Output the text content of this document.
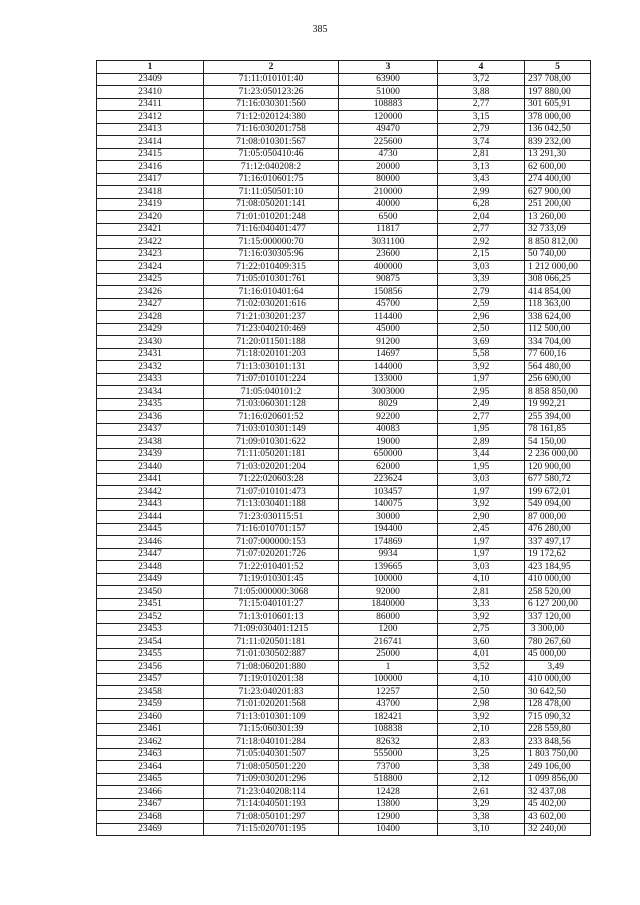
385
1	2	3	4	5
23409	71:11:010101:40	63900	3,72	237 708,00
23410	71:23:050123:26	51000	3,88	197 880,00
23411	71:16:030301:560	108883	2,77	301 605,91
23412	71:12:020124:380	120000	3,15	378 000,00
23413	71:16:030201:758	49470	2,79	136 042,50
23414	71:08:010301:567	225600	3,74	839 232,00
23415	71:05:050410:46	4730	2,81	13 291,30
23416	71:12:040208:2	20000	3,13	62 600,00
23417	71:16:010601:75	80000	3,43	274 400,00
23418	71:11:050501:10	210000	2,99	627 900,00
23419	71:08:050201:141	40000	6,28	251 200,00
23420	71:01:010201:248	6500	2,04	13 260,00
23421	71:16:040401:477	11817	2,77	32 733,09
23422	71:15:000000:70	3031100	2,92	8 850 812,00
23423	71:16:030305:96	23600	2,15	50 740,00
23424	71:22:010409:315	400000	3,03	1 212 000,00
23425	71:05:010301:761	90875	3,39	308 066,25
23426	71:16:010401:64	150856	2,79	414 854,00
23427	71:02:030201:616	45700	2,59	118 363,00
23428	71:21:030201:237	114400	2,96	338 624,00
23429	71:23:040210:469	45000	2,50	112 500,00
23430	71:20:011501:188	91200	3,69	334 704,00
23431	71:18:020101:203	14697	5,58	77 600,16
23432	71:13:030101:131	144000	3,92	564 480,00
23433	71:07:010101:224	133000	1,97	256 690,00
23434	71:05:040101:2	3003000	2,95	8 858 850,00
23435	71:03:060301:128	8029	2,49	19 992,21
23436	71:16:020601:52	92200	2,77	255 394,00
23437	71:03:010301:149	40083	1,95	78 161,85
23438	71:09:010301:622	19000	2,89	54 150,00
23439	71:11:050201:181	650000	3,44	2 236 000,00
23440	71:03:020201:204	62000	1,95	120 900,00
23441	71:22:020603:28	223624	3,03	677 580,72
23442	71:07:010101:473	103457	1,97	199 672,01
23443	71:13:030401:188	140075	3,92	549 094,00
23444	71:23:030115:51	30000	2,90	87 000,00
23445	71:16:010701:157	194400	2,45	476 280,00
23446	71:07:000000:153	174869	1,97	337 497,17
23447	71:07:020201:726	9934	1,97	19 172,62
23448	71:22:010401:52	139665	3,03	423 184,95
23449	71:19:010301:45	100000	4,10	410 000,00
23450	71:05:000000:3068	92000	2,81	258 520,00
23451	71:15:040101:27	1840000	3,33	6 127 200,00
23452	71:13:010601:13	86000	3,92	337 120,00
23453	71:09:030401:1215	1200	2,75	3 300,00
23454	71:11:020501:181	216741	3,60	780 267,60
23455	71:01:030502:887	25000	4,01	45 000,00
23456	71:08:060201:880	1	3,52	3,49
23457	71:19:010201:38	100000	4,10	410 000,00
23458	71:23:040201:83	12257	2,50	30 642,50
23459	71:01:020201:568	43700	2,98	128 478,00
23460	71:13:010301:109	182421	3,92	715 090,32
23461	71:15:060301:39	108838	2,10	228 559,80
23462	71:18:040101:284	82632	2,83	233 848,56
23463	71:05:040301:507	555000	3,25	1 803 750,00
23464	71:08:050501:220	73700	3,38	249 106,00
23465	71:09:030201:296	518800	2,12	1 099 856,00
23466	71:23:040208:114	12428	2,61	32 437,08
23467	71:14:040501:193	13800	3,29	45 402,00
23468	71:08:050101:297	12900	3,38	43 602,00
23469	71:15:020701:195	10400	3,10	32 240,00
